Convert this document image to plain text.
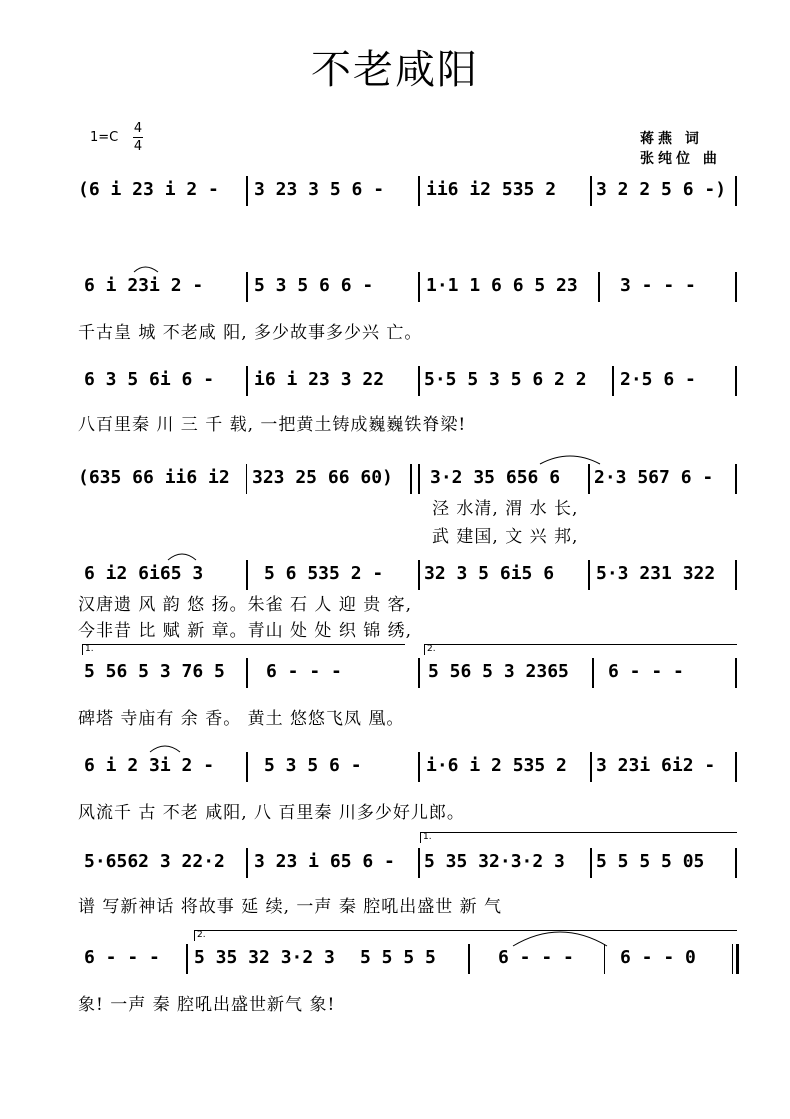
不老咸阳
1=C
4
4	蒋燕 词
张纯位 曲
(6 i 23 i 2 - 3 23 3 5 6 - ii6 i2 535 2 3 2 2 5 6 -)
6 i 23i 2 -	5 3 5 6 6 -	1·1 1 6 6 5 23 3 - - -
千古皇 城 不老咸 阳, 多少故事多少兴 亡。
6 3 5 6i 6 - i6 i 23 3 22 5·5 5 3 5 6 2 2 2·5 6 -
八百里秦 川 三 千 载, 一把黄土铸成巍巍铁脊梁!
(635 66 ii6 i2 323 25 66 60) 3·2 35 656 6 2·3 567 6 -
泾 水清, 渭 水 长,
武 建国, 文 兴 邦,
6 i2 6i65 3	5 6 535 2 - 32 3 5 6i5 6 5·3 231 322
汉唐遗 风 韵 悠 扬。朱雀 石 人 迎 贵 客,
今非昔 比 赋 新 章。青山 处 处 织 锦 绣,
1.	2.
5 56 5 3 76 5 6 - - -	5 56 5 3 2365 6 - - -
碑塔 寺庙有 余 香。 黄土 悠悠飞凤 凰。
6 i 2 3i 2 -	5 3 5 6 -	i·6 i 2 535 2 3 23i 6i2 -
风流千 古 不老 咸阳, 八 百里秦 川多少好儿郎。
1.
5·6562 3 22·2 3 23 i 65 6 - 5 35 32·3·2 3 5 5 5 5 05
谱 写新神话 将故事 延 续, 一声 秦 腔吼出盛世 新 气
2.
6 - - - 5 35 32 3·2 3 5 5 5 5	6 - - -	6 - - 0
象! 一声 秦 腔吼出盛世新气 象!
